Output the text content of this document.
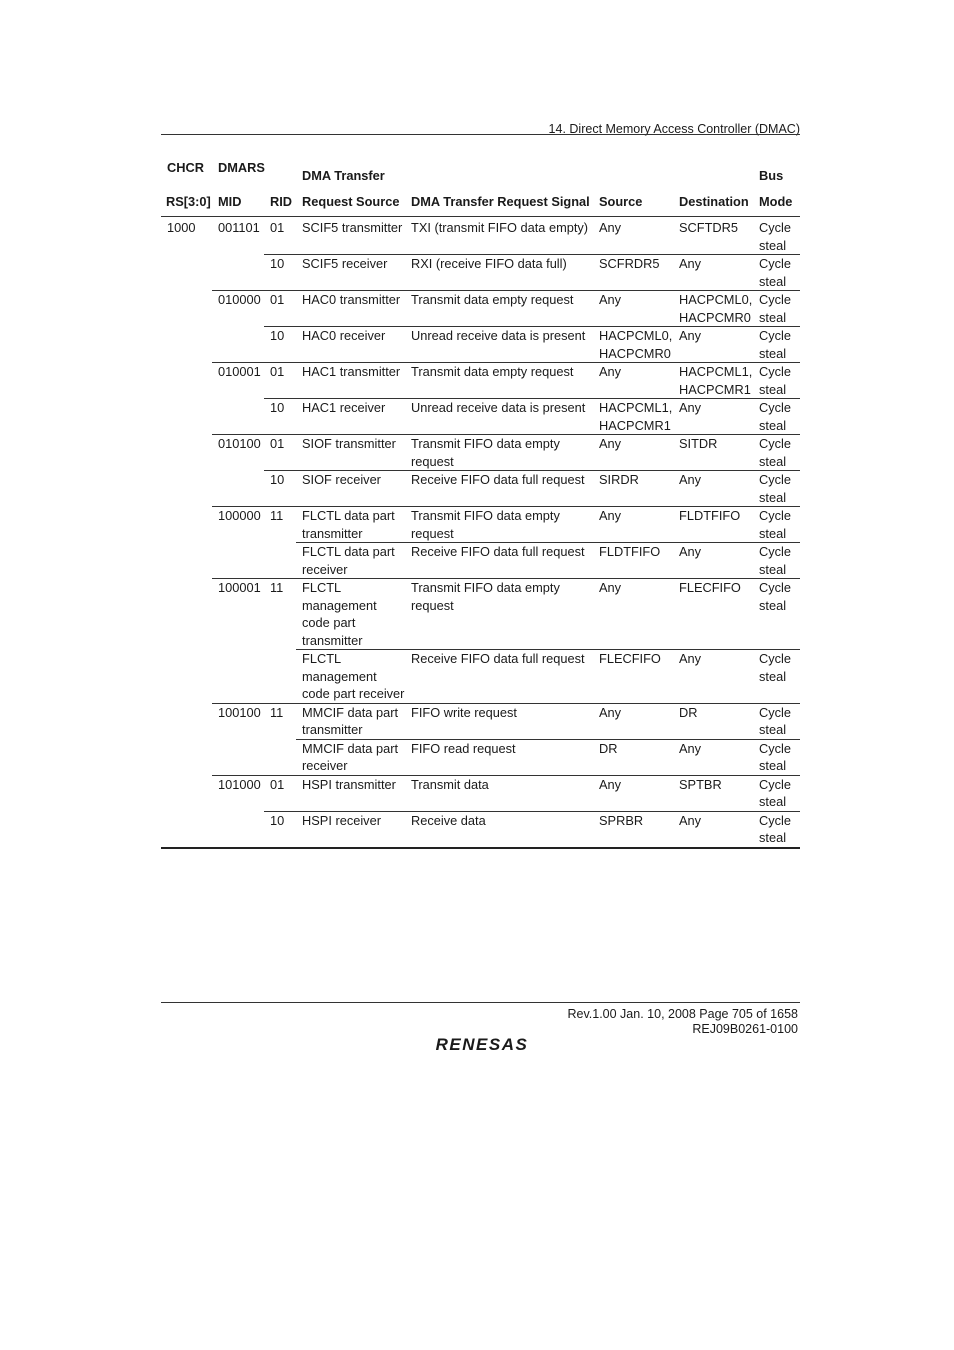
14. Direct Memory Access Controller (DMAC)
CHCR	DMARS		DMA Transfer				Bus
RS[3:0]	MID	RID	Request Source	DMA Transfer Request Signal	Source	Destination	Mode
1000	001101	01	SCIF5 transmitter	TXI (transmit FIFO data empty)	Any	SCFTDR5	Cycle
steal
		10	SCIF5 receiver	RXI (receive FIFO data full)	SCFRDR5	Any	Cycle
steal
	010000	01	HAC0 transmitter	Transmit data empty request	Any	HACPCML0,
HACPCMR0	Cycle
steal
		10	HAC0 receiver	Unread receive data is present	HACPCML0,
HACPCMR0	Any	Cycle
steal
	010001	01	HAC1 transmitter	Transmit data empty request	Any	HACPCML1,
HACPCMR1	Cycle
steal
		10	HAC1 receiver	Unread receive data is present	HACPCML1,
HACPCMR1	Any	Cycle
steal
	010100	01	SIOF transmitter	Transmit FIFO data empty
request	Any	SITDR	Cycle
steal
		10	SIOF receiver	Receive FIFO data full request	SIRDR	Any	Cycle
steal
	100000	11	FLCTL data part
transmitter	Transmit FIFO data empty
request	Any	FLDTFIFO	Cycle
steal
			FLCTL data part
receiver	Receive FIFO data full request	FLDTFIFO	Any	Cycle
steal
	100001	11	FLCTL
management
code part
transmitter	Transmit FIFO data empty
request	Any	FLECFIFO	Cycle
steal
			FLCTL
management
code part receiver	Receive FIFO data full request	FLECFIFO	Any	Cycle
steal
	100100	11	MMCIF data part
transmitter	FIFO write request	Any	DR	Cycle
steal
			MMCIF data part
receiver	FIFO read request	DR	Any	Cycle
steal
	101000	01	HSPI transmitter	Transmit data	Any	SPTBR	Cycle
steal
		10	HSPI receiver	Receive data	SPRBR	Any	Cycle
steal
Rev.1.00 Jan. 10, 2008 Page 705 of 1658
REJ09B0261-0100
RENESAS
